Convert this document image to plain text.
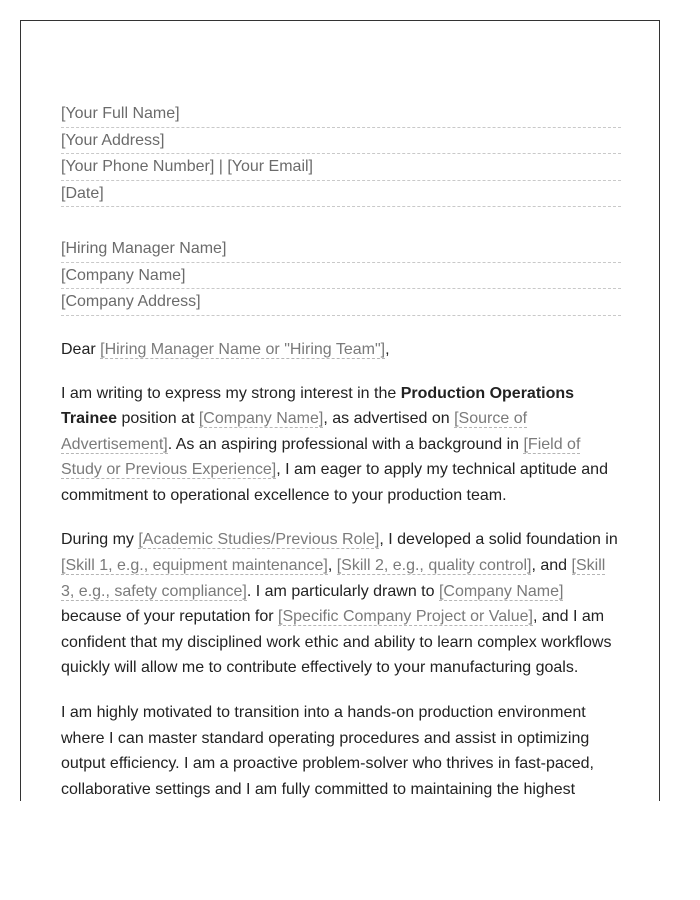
[Your Full Name]
[Your Address]
[Your Phone Number] | [Your Email]
[Date]
[Hiring Manager Name]
[Company Name]
[Company Address]
Dear [Hiring Manager Name or "Hiring Team"],

I am writing to express my strong interest in the Production Operations Trainee position at [Company Name], as advertised on [Source of Advertisement]. As an aspiring professional with a background in [Field of Study or Previous Experience], I am eager to apply my technical aptitude and commitment to operational excellence to your production team.

During my [Academic Studies/Previous Role], I developed a solid foundation in [Skill 1, e.g., equipment maintenance], [Skill 2, e.g., quality control], and [Skill 3, e.g., safety compliance]. I am particularly drawn to [Company Name] because of your reputation for [Specific Company Project or Value], and I am confident that my disciplined work ethic and ability to learn complex workflows quickly will allow me to contribute effectively to your manufacturing goals.

I am highly motivated to transition into a hands-on production environment where I can master standard operating procedures and assist in optimizing output efficiency. I am a proactive problem-solver who thrives in fast-paced, collaborative settings and I am fully committed to maintaining the highest
